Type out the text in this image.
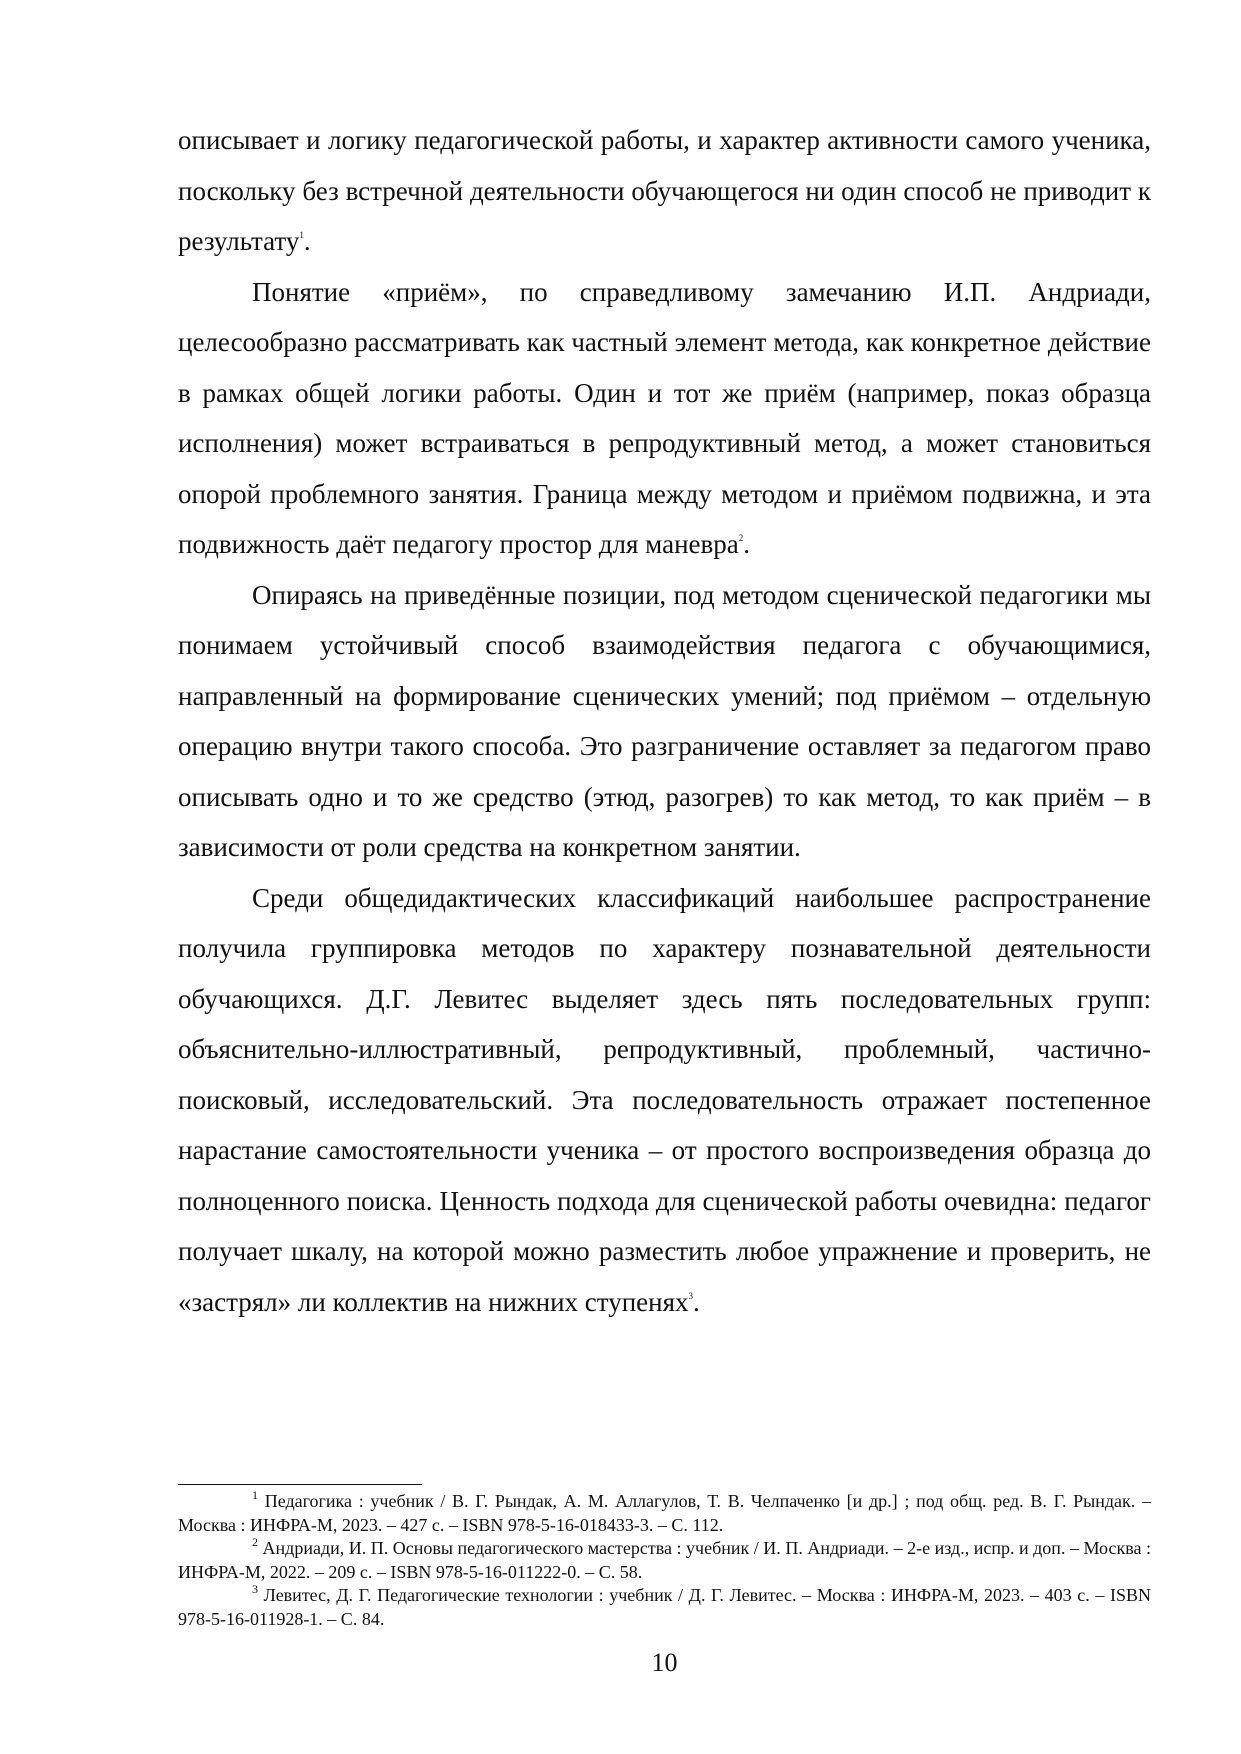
описывает и логику педагогической работы, и характер активности самого ученика, поскольку без встречной деятельности обучающегося ни один способ не приводит к результату$^1$.

Понятие «приём», по справедливому замечанию И.П. Андриади, целесообразно рассматривать как частный элемент метода, как конкретное действие в рамках общей логики работы. Один и тот же приём (например, показ образца исполнения) может встраиваться в репродуктивный метод, а может становиться опорой проблемного занятия. Граница между методом и приёмом подвижна, и эта подвижность даёт педагогу простор для маневра$^2$.

Опираясь на приведённые позиции, под методом сценической педагогики мы понимаем устойчивый способ взаимодействия педагога с обучающимися, направленный на формирование сценических умений; под приёмом – отдельную операцию внутри такого способа. Это разграничение оставляет за педагогом право описывать одно и то же средство (этюд, разогрев) то как метод, то как приём – в зависимости от роли средства на конкретном занятии.

Среди общедидактических классификаций наибольшее распространение получила группировка методов по характеру познавательной деятельности обучающихся. Д.Г. Левитес выделяет здесь пять последовательных групп: объяснительно-иллюстративный, репродуктивный, проблемный, частично-поисковый, исследовательский. Эта последовательность отражает постепенное нарастание самостоятельности ученика – от простого воспроизведения образца до полноценного поиска. Ценность подхода для сценической работы очевидна: педагог получает шкалу, на которой можно разместить любое упражнение и проверить, не «застрял» ли коллектив на нижних ступенях$^3$.

$^1$ Педагогика : учебник / В. Г. Рындак, А. М. Аллагулов, Т. В. Челпаченко [и др.] ; под общ. ред. В. Г. Рындак. – Москва : ИНФРА-М, 2023. – 427 с. – ISBN 978-5-16-018433-3. – С. 112.

$^2$ Андриади, И. П. Основы педагогического мастерства : учебник / И. П. Андриади. – 2-е изд., испр. и доп. – Москва : ИНФРА-М, 2022. – 209 с. – ISBN 978-5-16-011222-0. – С. 58.

$^3$ Левитес, Д. Г. Педагогические технологии : учебник / Д. Г. Левитес. – Москва : ИНФРА-М, 2023. – 403 с. – ISBN 978-5-16-011928-1. – С. 84.

10
